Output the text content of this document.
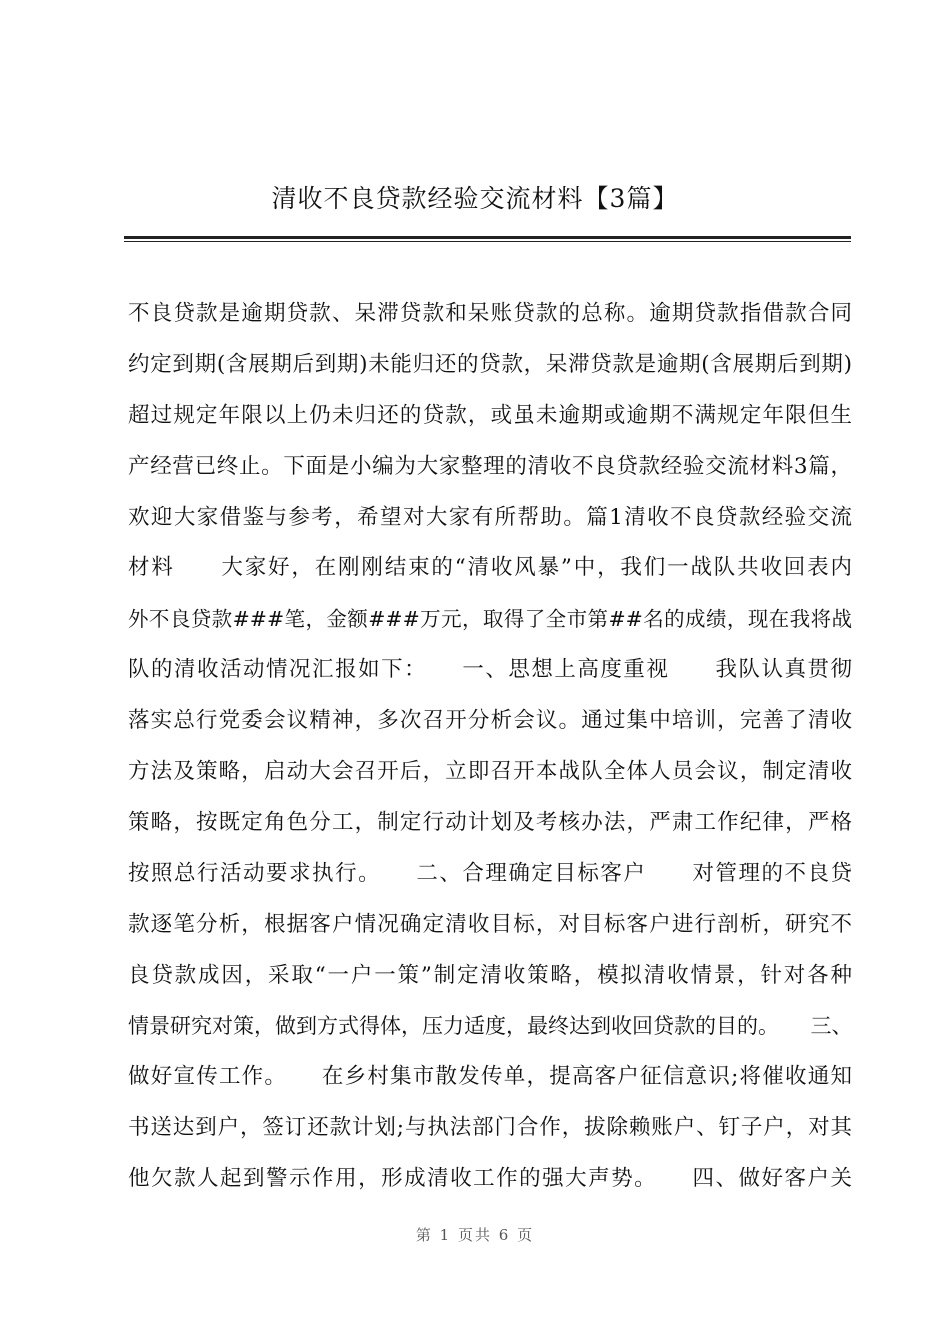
清收不良贷款经验交流材料【3篇】
不良贷款是逾期贷款、呆滞贷款和呆账贷款的总称。逾期贷款指借款合同
约定到期(含展期后到期)未能归还的贷款，呆滞贷款是逾期(含展期后到期)
超过规定年限以上仍未归还的贷款，或虽未逾期或逾期不满规定年限但生
产经营已终止。下面是小编为大家整理的清收不良贷款经验交流材料3篇，
欢迎大家借鉴与参考，希望对大家有所帮助。篇1清收不良贷款经验交流
材料　　大家好，在刚刚结束的“清收风暴”中，我们一战队共收回表内
外不良贷款###笔，金额###万元，取得了全市第##名的成绩，现在我将战
队的清收活动情况汇报如下：　　一、思想上高度重视　　我队认真贯彻
落实总行党委会议精神，多次召开分析会议。通过集中培训，完善了清收
方法及策略，启动大会召开后，立即召开本战队全体人员会议，制定清收
策略，按既定角色分工，制定行动计划及考核办法，严肃工作纪律，严格
按照总行活动要求执行。　　二、合理确定目标客户　　对管理的不良贷
款逐笔分析，根据客户情况确定清收目标，对目标客户进行剖析，研究不
良贷款成因，采取“一户一策”制定清收策略，模拟清收情景，针对各种
情景研究对策，做到方式得体，压力适度，最终达到收回贷款的目的。　　三、
做好宣传工作。　　在乡村集市散发传单，提高客户征信意识;将催收通知
书送达到户，签订还款计划;与执法部门合作，拔除赖账户、钉子户，对其
他欠款人起到警示作用，形成清收工作的强大声势。　　四、做好客户关
第 1 页共 6 页
